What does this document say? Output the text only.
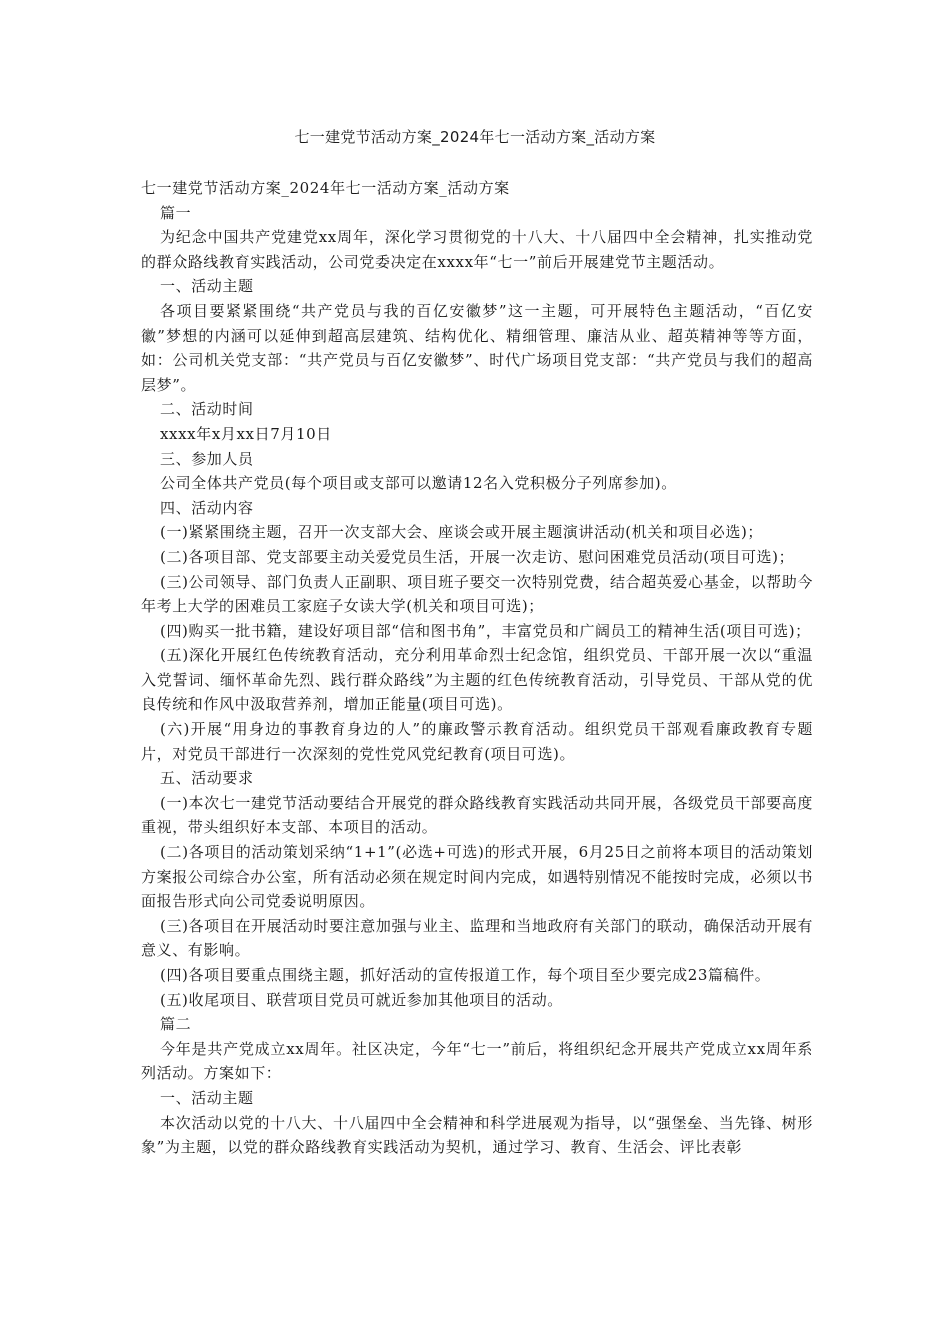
七一建党节活动方案_2024年七一活动方案_活动方案

七一建党节活动方案_2024年七一活动方案_活动方案

篇一

为纪念中国共产党建党xx周年，深化学习贯彻党的十八大、十八届四中全会精神，扎实推动党的群众路线教育实践活动，公司党委决定在xxxx年“七一”前后开展建党节主题活动。

一、活动主题

各项目要紧紧围绕“共产党员与我的百亿安徽梦”这一主题，可开展特色主题活动，“百亿安徽”梦想的内涵可以延伸到超高层建筑、结构优化、精细管理、廉洁从业、超英精神等等方面，如：公司机关党支部：“共产党员与百亿安徽梦”、时代广场项目党支部：“共产党员与我们的超高层梦”。

二、活动时间

xxxx年x月xx日7月10日

三、参加人员

公司全体共产党员(每个项目或支部可以邀请12名入党积极分子列席参加)。

四、活动内容

(一)紧紧围绕主题，召开一次支部大会、座谈会或开展主题演讲活动(机关和项目必选)；

(二)各项目部、党支部要主动关爱党员生活，开展一次走访、慰问困难党员活动(项目可选)；

(三)公司领导、部门负责人正副职、项目班子要交一次特别党费，结合超英爱心基金，以帮助今年考上大学的困难员工家庭子女读大学(机关和项目可选)；

(四)购买一批书籍，建设好项目部“信和图书角”，丰富党员和广阔员工的精神生活(项目可选)；

(五)深化开展红色传统教育活动，充分利用革命烈士纪念馆，组织党员、干部开展一次以“重温入党誓词、缅怀革命先烈、践行群众路线”为主题的红色传统教育活动，引导党员、干部从党的优良传统和作风中汲取营养剂，增加正能量(项目可选)。

(六)开展“用身边的事教育身边的人”的廉政警示教育活动。组织党员干部观看廉政教育专题片，对党员干部进行一次深刻的党性党风党纪教育(项目可选)。

五、活动要求

(一)本次七一建党节活动要结合开展党的群众路线教育实践活动共同开展，各级党员干部要高度重视，带头组织好本支部、本项目的活动。

(二)各项目的活动策划采纳“1+1”(必选+可选)的形式开展，6月25日之前将本项目的活动策划方案报公司综合办公室，所有活动必须在规定时间内完成，如遇特别情况不能按时完成，必须以书面报告形式向公司党委说明原因。

(三)各项目在开展活动时要注意加强与业主、监理和当地政府有关部门的联动，确保活动开展有意义、有影响。

(四)各项目要重点围绕主题，抓好活动的宣传报道工作，每个项目至少要完成23篇稿件。

(五)收尾项目、联营项目党员可就近参加其他项目的活动。

篇二

今年是共产党成立xx周年。社区决定，今年“七一”前后，将组织纪念开展共产党成立xx周年系列活动。方案如下：

一、活动主题

本次活动以党的十八大、十八届四中全会精神和科学进展观为指导，以“强堡垒、当先锋、树形象”为主题，以党的群众路线教育实践活动为契机，通过学习、教育、生活会、评比表彰
